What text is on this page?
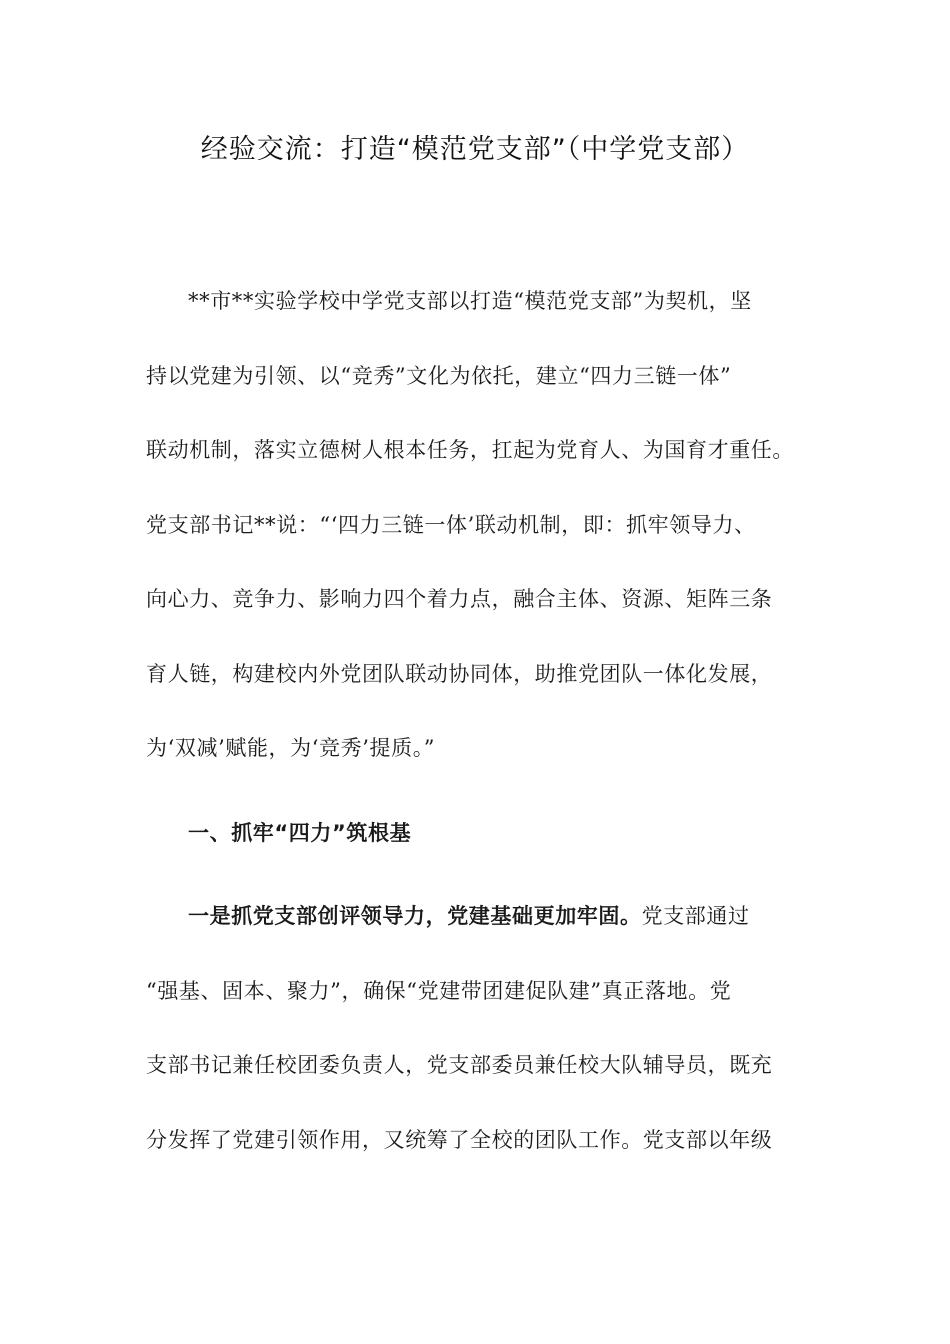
经验交流：打造“模范党支部”（中学党支部）
**市**实验学校中学党支部以打造“模范党支部”为契机，坚
持以党建为引领、以“竞秀”文化为依托，建立“四力三链一体”
联动机制，落实立德树人根本任务，扛起为党育人、为国育才重任。
党支部书记**说：“‘四力三链一体’联动机制，即：抓牢领导力、
向心力、竞争力、影响力四个着力点，融合主体、资源、矩阵三条
育人链，构建校内外党团队联动协同体，助推党团队一体化发展，
为‘双减’赋能，为‘竞秀’提质。”
一、抓牢“四力”筑根基
一是抓党支部创评领导力，党建基础更加牢固。党支部通过
“强基、固本、聚力”，确保“党建带团建促队建”真正落地。党
支部书记兼任校团委负责人，党支部委员兼任校大队辅导员，既充
分发挥了党建引领作用，又统筹了全校的团队工作。党支部以年级
